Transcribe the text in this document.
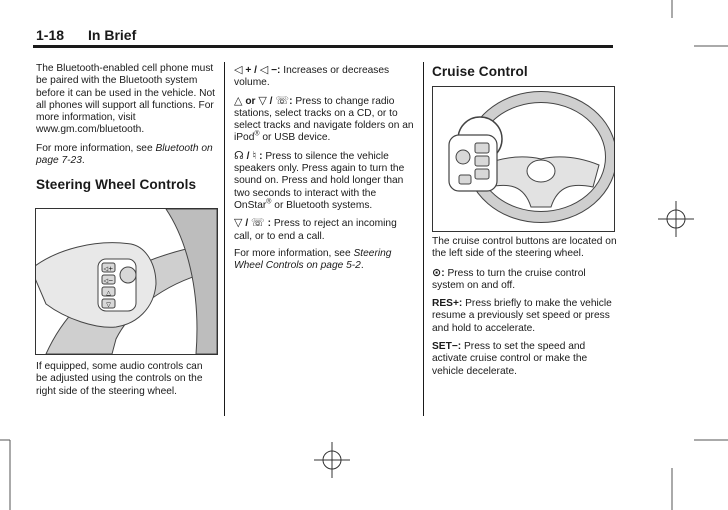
1-18 In Brief

The Bluetooth-enabled cell phone must be paired with the Bluetooth system before it can be used in the vehicle. Not all phones will support all functions. For more information, visit www.gm.com/bluetooth.

For more information, see Bluetooth on page 7-23.

Steering Wheel Controls
◁+
◁−
△
▽

If equipped, some audio controls can be adjusted using the controls on the right side of the steering wheel.

◁ + / ◁ −: Increases or decreases volume.

△ or ▽ / ☏: Press to change radio stations, select tracks on a CD, or to select tracks and navigate folders on an iPod® or USB device.

☊ / ♮ : Press to silence the vehicle speakers only. Press again to turn the sound on. Press and hold longer than two seconds to interact with the OnStar® or Bluetooth systems.

▽ / ☏ : Press to reject an incoming call, or to end a call.

For more information, see Steering Wheel Controls on page 5-2.

Cruise Control

The cruise control buttons are located on the left side of the steering wheel.

⊙: Press to turn the cruise control system on and off.

RES+: Press briefly to make the vehicle resume a previously set speed or press and hold to accelerate.

SET−: Press to set the speed and activate cruise control or make the vehicle decelerate.
